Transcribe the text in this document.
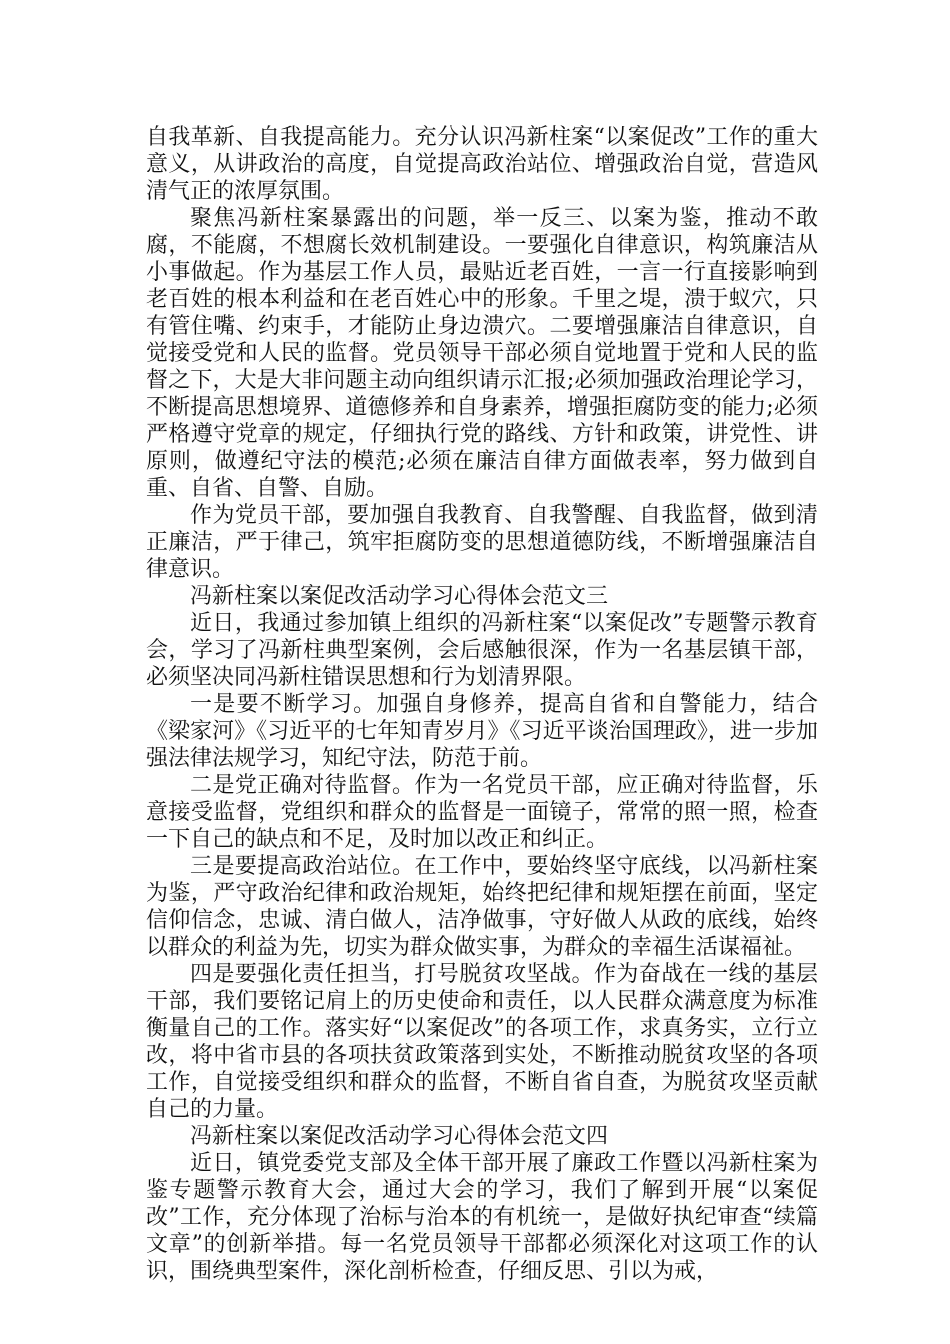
自我革新、自我提高能力。充分认识冯新柱案“以案促改”工作的重大意义，从讲政治的高度，自觉提高政治站位、增强政治自觉，营造风清气正的浓厚氛围。

聚焦冯新柱案暴露出的问题，举一反三、以案为鉴，推动不敢腐，不能腐，不想腐长效机制建设。一要强化自律意识，构筑廉洁从小事做起。作为基层工作人员，最贴近老百姓，一言一行直接影响到老百姓的根本利益和在老百姓心中的形象。千里之堤，溃于蚁穴，只有管住嘴、约束手，才能防止身边溃穴。二要增强廉洁自律意识，自觉接受党和人民的监督。党员领导干部必须自觉地置于党和人民的监督之下，大是大非问题主动向组织请示汇报;必须加强政治理论学习，不断提高思想境界、道德修养和自身素养，增强拒腐防变的能力;必须严格遵守党章的规定，仔细执行党的路线、方针和政策，讲党性、讲原则，做遵纪守法的模范;必须在廉洁自律方面做表率，努力做到自重、自省、自警、自励。

作为党员干部，要加强自我教育、自我警醒、自我监督，做到清正廉洁，严于律己，筑牢拒腐防变的思想道德防线，不断增强廉洁自律意识。

冯新柱案以案促改活动学习心得体会范文三

近日，我通过参加镇上组织的冯新柱案“以案促改”专题警示教育会，学习了冯新柱典型案例，会后感触很深，作为一名基层镇干部，必须坚决同冯新柱错误思想和行为划清界限。

一是要不断学习。加强自身修养，提高自省和自警能力，结合《梁家河》《习近平的七年知青岁月》《习近平谈治国理政》，进一步加强法律法规学习，知纪守法，防范于前。

二是党正确对待监督。作为一名党员干部，应正确对待监督，乐意接受监督，党组织和群众的监督是一面镜子，常常的照一照，检查一下自己的缺点和不足，及时加以改正和纠正。

三是要提高政治站位。在工作中，要始终坚守底线，以冯新柱案为鉴，严守政治纪律和政治规矩，始终把纪律和规矩摆在前面，坚定信仰信念，忠诚、清白做人，洁净做事，守好做人从政的底线，始终以群众的利益为先，切实为群众做实事，为群众的幸福生活谋福祉。

四是要强化责任担当，打号脱贫攻坚战。作为奋战在一线的基层干部，我们要铭记肩上的历史使命和责任，以人民群众满意度为标准衡量自己的工作。落实好“以案促改”的各项工作，求真务实，立行立改，将中省市县的各项扶贫政策落到实处，不断推动脱贫攻坚的各项工作，自觉接受组织和群众的监督，不断自省自查，为脱贫攻坚贡献自己的力量。

冯新柱案以案促改活动学习心得体会范文四

近日，镇党委党支部及全体干部开展了廉政工作暨以冯新柱案为鉴专题警示教育大会，通过大会的学习，我们了解到开展“以案促改”工作，充分体现了治标与治本的有机统一，是做好执纪审查“续篇文章”的创新举措。每一名党员领导干部都必须深化对这项工作的认识，围绕典型案件，深化剖析检查，仔细反思、引以为戒，
